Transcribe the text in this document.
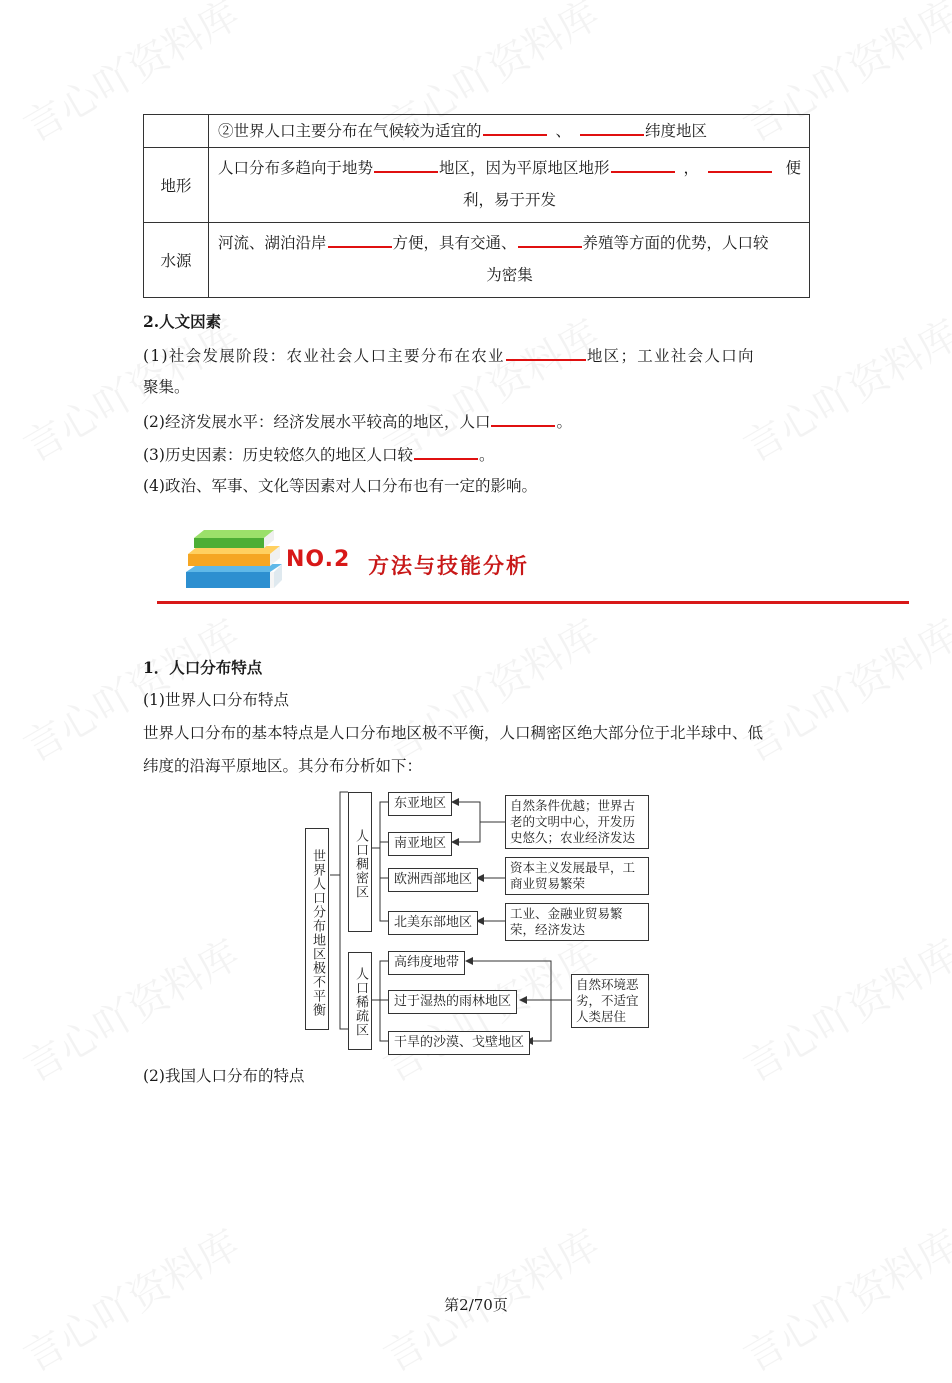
	②世界人口主要分布在气候较为适宜的 、 纬度地区
地形	人口分布多趋向于地势 地区，因为平原地区地形 ， 便
利，易于开发

水源	河流、湖泊沿岸 方便，具有交通、 养殖等方面的优势，人口较
为密集
2.人文因素
(1)社会发展阶段：农业社会人口主要分布在农业	地区；工业社会人口向
聚集。
(2)经济发展水平：经济发展水平较高的地区，人口	。
(3)历史因素：历史较悠久的地区人口较	。
(4)政治、军事、文化等因素对人口分布也有一定的影响。
NO.2 方法与技能分析
1．人口分布特点
(1)世界人口分布特点
世界人口分布的基本特点是人口分布地区极不平衡，人口稠密区绝大部分位于北半球中、低
纬度的沿海平原地区。其分布分析如下：
世界人口分布地区极不平衡 人口稠密区
人口稀疏区
东亚地区
南亚地区
欧洲西部地区
北美东部地区
高纬度地带
过于湿热的雨林地区
干旱的沙漠、戈壁地区
自然条件优越；世界古老的文明中心，开发历史悠久；农业经济发达
资本主义发展最早，工商业贸易繁荣
工业、金融业贸易繁荣，经济发达
自然环境恶劣，不适宜人类居住
(2)我国人口分布的特点
第2/70页
